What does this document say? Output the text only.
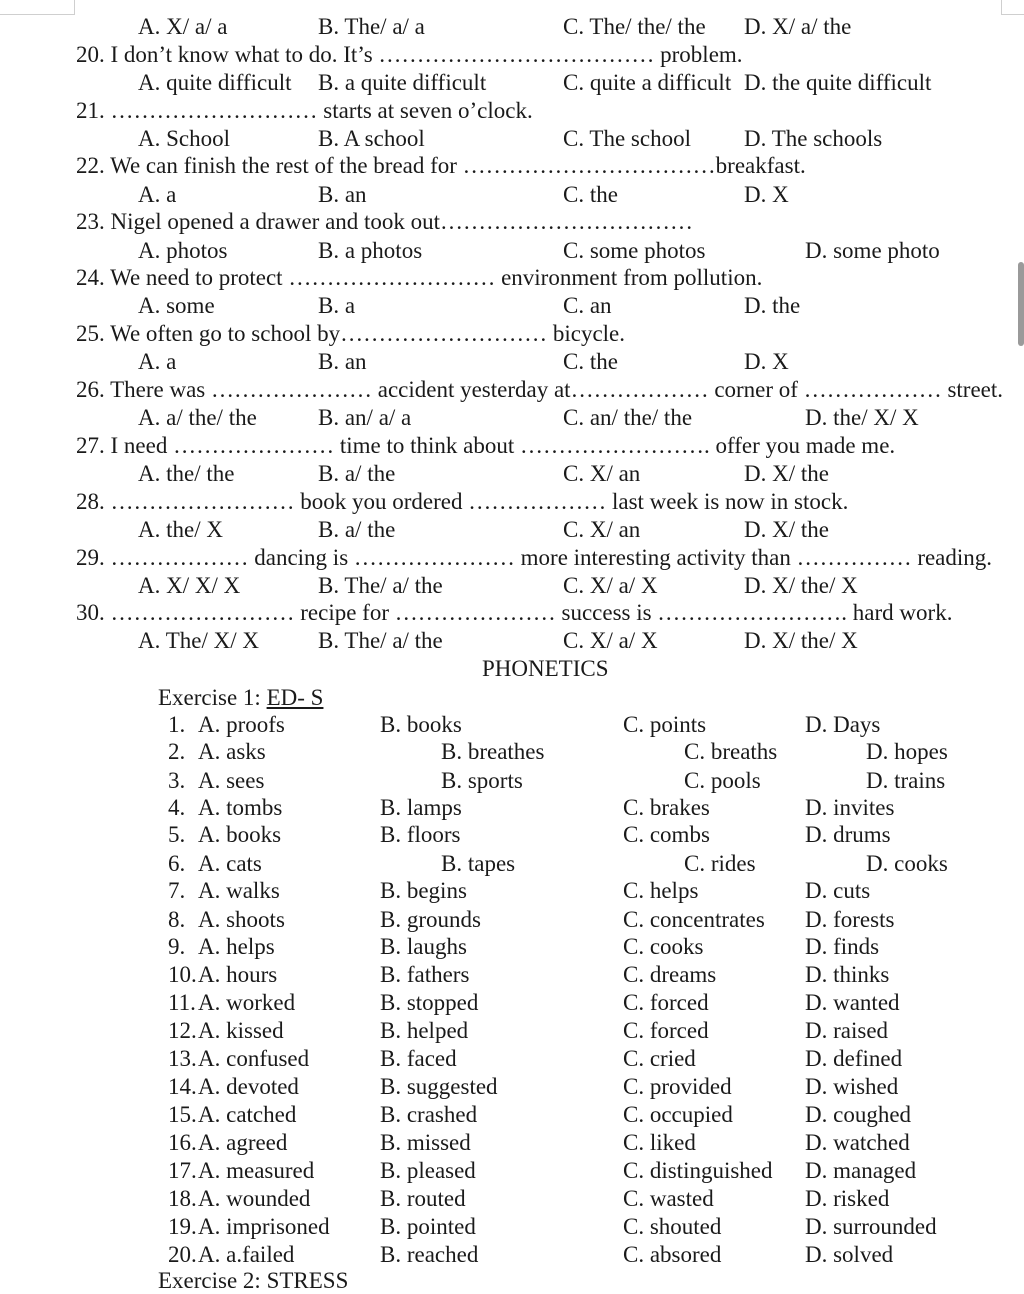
A. X/ a/ a	B. The/ a/ a	C. The/ the/ the D. X/ a/ the
20. I don’t know what to do. It’s ……………………………… problem.
A. quite difficult B. a quite difficult	C. quite a difficult D. the quite difficult
21. ……………………… starts at seven o’clock.
A. School	B. A school	C. The school D. The schools
22. We can finish the rest of the bread for ……………………………breakfast.
A. a	B. an	C. the	D. X
23. Nigel opened a drawer and took out……………………………
A. photos	B. a photos	C. some photos	D. some photo
24. We need to protect ……………………… environment from pollution.
A. some	B. a	C. an	D. the
25. We often go to school by……………………… bicycle.
A. a	B. an	C. the	D. X
26. There was ………………… accident yesterday at……………… corner of ……………… street.
A. a/ the/ the	B. an/ a/ a	C. an/ the/ the	D. the/ X/ X
27. I need ………………… time to think about ……………………. offer you made me.
A. the/ the	B. a/ the	C. X/ an	D. X/ the
28. …………………… book you ordered ……………… last week is now in stock.
A. the/ X	B. a/ the	C. X/ an	D. X/ the
29. ……………… dancing is ………………… more interesting activity than …………… reading.
A. X/ X/ X	B. The/ a/ the	C. X/ a/ X	D. X/ the/ X
30. …………………… recipe for ………………… success is ……………………. hard work.
A. The/ X/ X	B. The/ a/ the	C. X/ a/ X	D. X/ the/ X
PHONETICS
Exercise 1: ED- S
1. A. proofs	B. books	C. points	D. Days
2. A. asks	B. breathes	C. breaths	D. hopes
3. A. sees	B. sports	C. pools	D. trains
4. A. tombs	B. lamps	C. brakes	D. invites
5. A. books	B. floors	C. combs	D. drums
6. A. cats	B. tapes	C. rides	D. cooks
7. A. walks	B. begins	C. helps	D. cuts
8. A. shoots	B. grounds	C. concentrates D. forests
9. A. helps	B. laughs	C. cooks	D. finds
10. A. hours	B. fathers	C. dreams	D. thinks
11. A. worked	B. stopped	C. forced	D. wanted
12. A. kissed	B. helped	C. forced	D. raised
13. A. confused	B. faced	C. cried	D. defined
14. A. devoted	B. suggested	C. provided	D. wished
15. A. catched	B. crashed	C. occupied	D. coughed
16. A. agreed	B. missed	C. liked	D. watched
17. A. measured	B. pleased	C. distinguished D. managed
18. A. wounded	B. routed	C. wasted	D. risked
19. A. imprisoned B. pointed	C. shouted	D. surrounded
20. A. a.failed	B. reached	C. absored	D. solved
Exercise 2: STRESS
